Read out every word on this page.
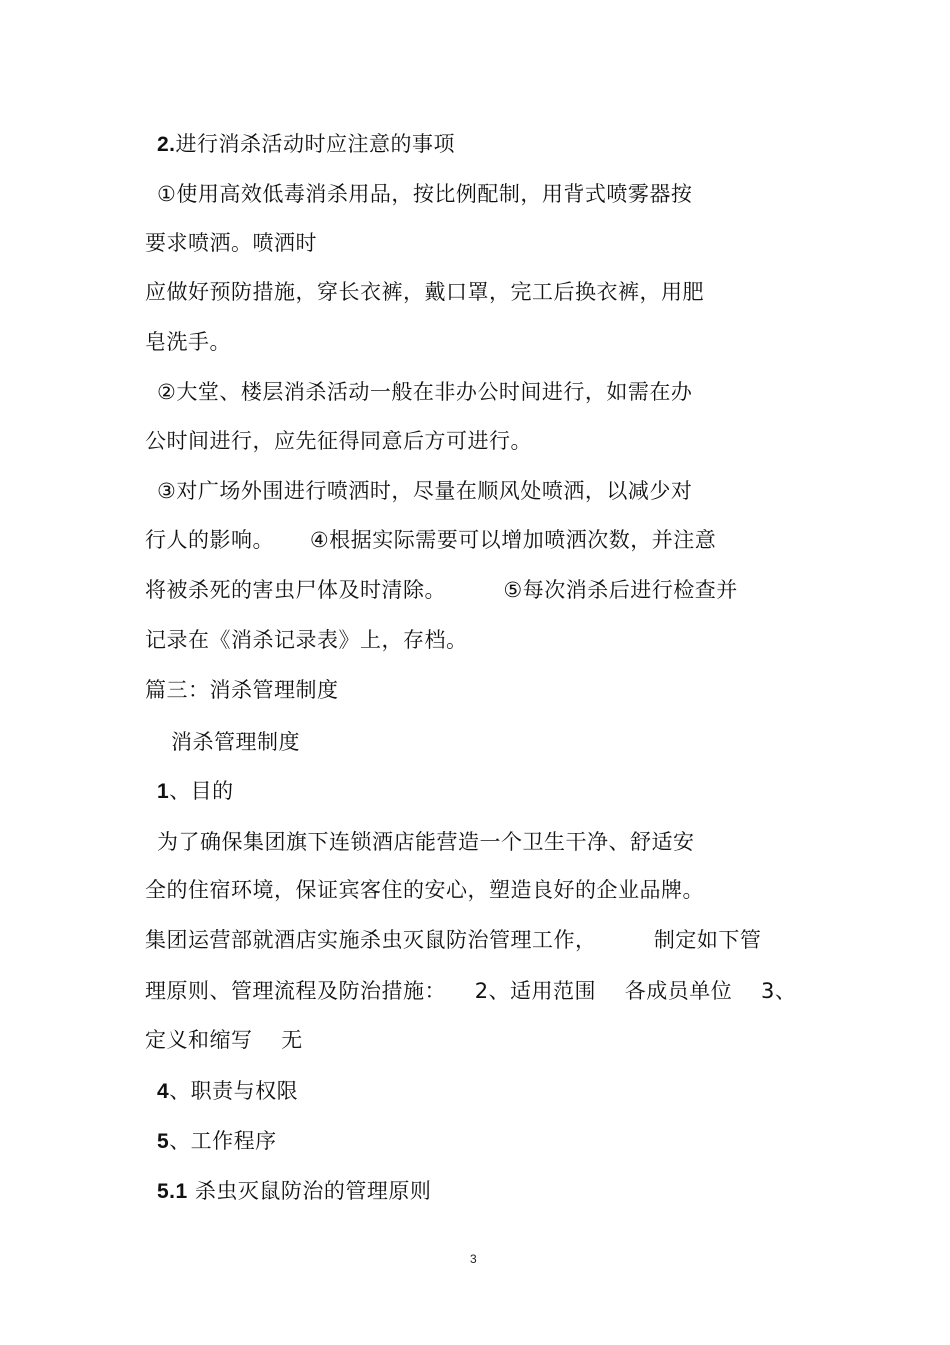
2.进行消杀活动时应注意的事项
①使用高效低毒消杀用品，按比例配制，用背式喷雾器按
要求喷洒。喷洒时
应做好预防措施，穿长衣裤，戴口罩，完工后换衣裤，用肥
皂洗手。
②大堂、楼层消杀活动一般在非办公时间进行，如需在办
公时间进行，应先征得同意后方可进行。
③对广场外围进行喷洒时，尽量在顺风处喷洒，以减少对
行人的影响。     ④根据实际需要可以增加喷洒次数，并注意
将被杀死的害虫尸体及时清除。        ⑤每次消杀后进行检查并
记录在《消杀记录表》上，存档。
篇三：消杀管理制度
消杀管理制度
1、目的
为了确保集团旗下连锁酒店能营造一个卫生干净、舒适安
全的住宿环境，保证宾客住的安心，塑造良好的企业品牌。
集团运营部就酒店实施杀虫灭鼠防治管理工作，        制定如下管
理原则、管理流程及防治措施：    2、适用范围    各成员单位    3、
定义和缩写    无
4、职责与权限
5、工作程序
5.1 杀虫灭鼠防治的管理原则
3
